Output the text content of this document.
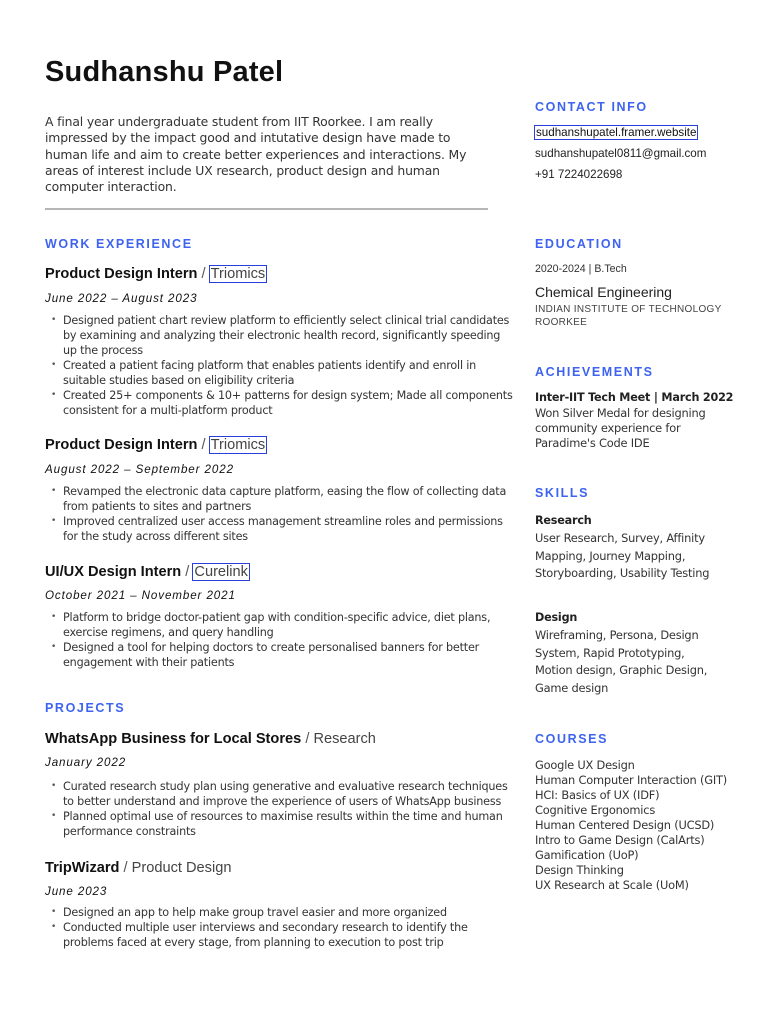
Sudhanshu Patel
A final year undergraduate student from IIT Roorkee. I am really impressed by the impact good and intutative design have made to human life and aim to create better experiences and interactions. My areas of interest include UX research, product design and human computer interaction.
WORK EXPERIENCE
Product Design Intern / Triomics
June 2022 – August 2023
• Designed patient chart review platform to efficiently select clinical trial candidates by examining and analyzing their electronic health record, significantly speeding up the process
• Created a patient facing platform that enables patients identify and enroll in suitable studies based on eligibility criteria
• Created 25+ components & 10+ patterns for design system; Made all components consistent for a multi-platform product
Product Design Intern / Triomics
August 2022 – September 2022
• Revamped the electronic data capture platform, easing the flow of collecting data from patients to sites and partners
• Improved centralized user access management streamline roles and permissions for the study across different sites
UI/UX Design Intern / Curelink
October 2021 – November 2021
• Platform to bridge doctor-patient gap with condition-specific advice, diet plans, exercise regimens, and query handling
• Designed a tool for helping doctors to create personalised banners for better engagement with their patients
PROJECTS
WhatsApp Business for Local Stores / Research
January 2022
• Curated research study plan using generative and evaluative research techniques to better understand and improve the experience of users of WhatsApp business
• Planned optimal use of resources to maximise results within the time and human performance constraints
TripWizard / Product Design
June 2023
• Designed an app to help make group travel easier and more organized
• Conducted multiple user interviews and secondary research to identify the problems faced at every stage, from planning to execution to post trip
CONTACT INFO
sudhanshupatel.framer.website
sudhanshupatel0811@gmail.com
+91 7224022698
EDUCATION
2020-2024 | B.Tech
Chemical Engineering
INDIAN INSTITUTE OF TECHNOLOGY ROORKEE
ACHIEVEMENTS
Inter-IIT Tech Meet | March 2022
Won Silver Medal for designing community experience for Paradime's Code IDE
SKILLS
Research
User Research, Survey, Affinity Mapping, Journey Mapping, Storyboarding, Usability Testing
Design
Wireframing, Persona, Design System, Rapid Prototyping, Motion design, Graphic Design, Game design
COURSES
Google UX Design
Human Computer Interaction (GIT)
HCI: Basics of UX (IDF)
Cognitive Ergonomics
Human Centered Design (UCSD)
Intro to Game Design (CalArts)
Gamification (UoP)
Design Thinking
UX Research at Scale (UoM)
